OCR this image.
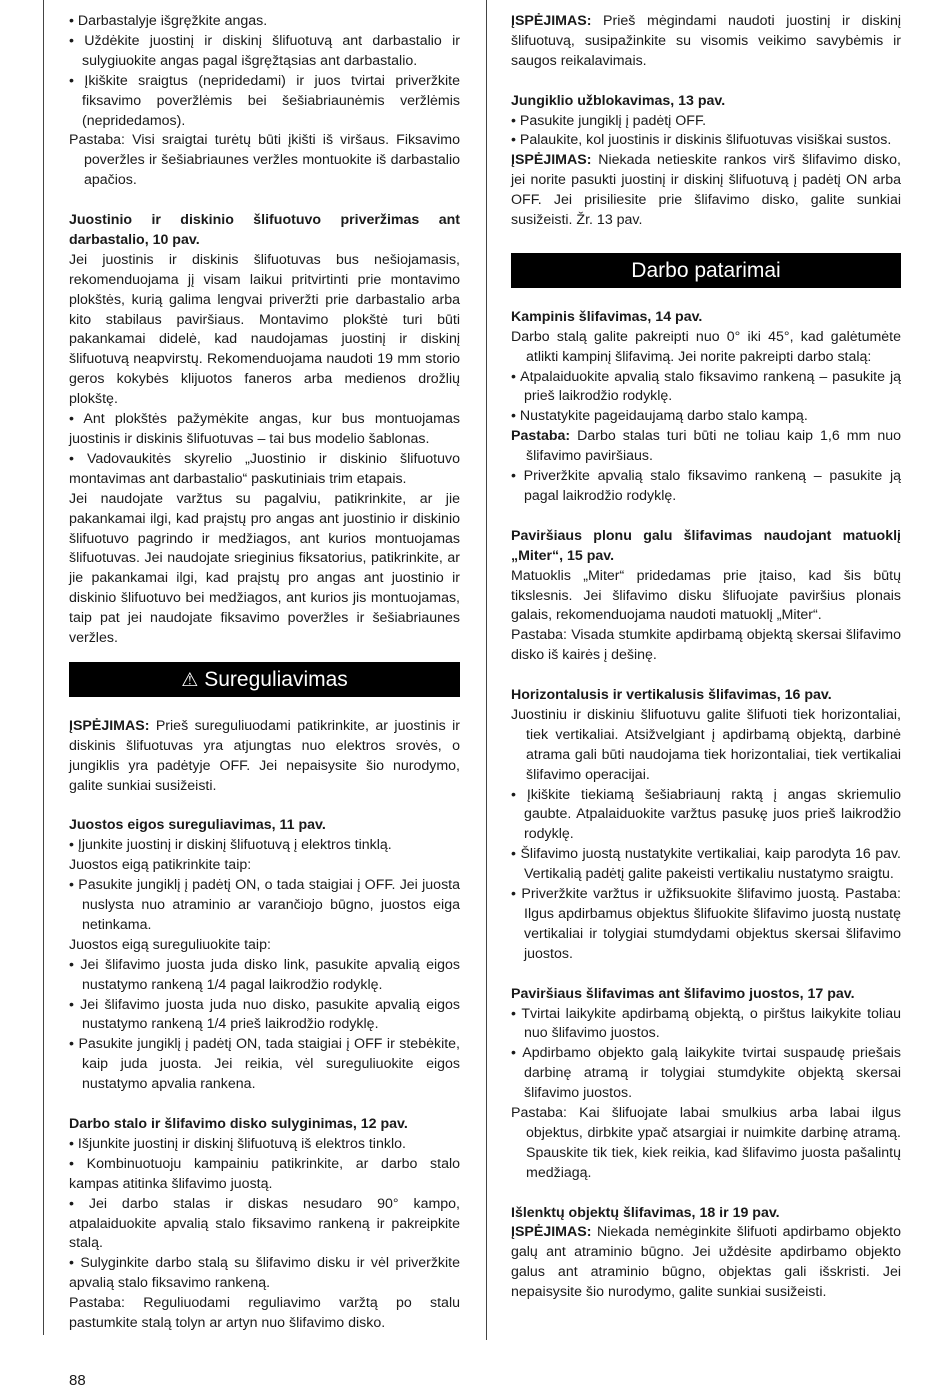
• Darbastalyje išgręžkite angas.

• Uždėkite juostinį ir diskinį šlifuotuvą ant darbastalio ir sulygiuokite angas pagal išgręžtąsias ant darbastalio.

• Įkiškite sraigtus (nepridedami) ir juos tvirtai priveržkite fiksavimo poveržlėmis bei šešiabriaunėmis veržlėmis (nepridedamos).

Pastaba: Visi sraigtai turėtų būti įkišti iš viršaus. Fiksavimo poveržles ir šešiabriaunes veržles montuokite iš darbastalio apačios.

Juostinio ir diskinio šlifuotuvo priveržimas ant darbastalio, 10 pav.

Jei juostinis ir diskinis šlifuotuvas bus nešiojamasis, rekomenduojama jį visam laikui pritvirtinti prie montavimo plokštės, kurią galima lengvai priveržti prie darbastalio arba kito stabilaus paviršiaus. Montavimo plokštė turi būti pakankamai didelė, kad naudojamas juostinį ir diskinį šlifuotuvą neapvirstų. Rekomenduojama naudoti 19 mm storio geros kokybės klijuotos faneros arba medienos drožlių plokštę.

• Ant plokštės pažymėkite angas, kur bus montuojamas juostinis ir diskinis šlifuotuvas – tai bus modelio šablonas.

• Vadovaukitės skyrelio „Juostinio ir diskinio šlifuotuvo montavimas ant darbastalio“ paskutiniais trim etapais.

Jei naudojate varžtus su pagalviu, patikrinkite, ar jie pakankamai ilgi, kad praįstų pro angas ant juostinio ir diskinio šlifuotuvo pagrindo ir medžiagos, ant kurios montuojamas šlifuotuvas. Jei naudojate srieginius fiksatorius, patikrinkite, ar jie pakankamai ilgi, kad praįstų pro angas ant juostinio ir diskinio šlifuotuvo bei medžiagos, ant kurios jis montuojamas, taip pat jei naudojate fiksavimo poveržles ir šešiabriaunes veržles.

⚠ Sureguliavimas

ĮSPĖJIMAS: Prieš sureguliuodami patikrinkite, ar juostinis ir diskinis šlifuotuvas yra atjungtas nuo elektros srovės, o jungiklis yra padėtyje OFF. Jei nepaisysite šio nurodymo, galite sunkiai susižeisti.

Juostos eigos sureguliavimas, 11 pav.

• Įjunkite juostinį ir diskinį šlifuotuvą į elektros tinklą.

Juostos eigą patikrinkite taip:

• Pasukite jungiklį į padėtį ON, o tada staigiai į OFF. Jei juosta nuslysta nuo atraminio ar varančiojo būgno, juostos eiga netinkama.

Juostos eigą sureguliuokite taip:

• Jei šlifavimo juosta juda disko link, pasukite apvalią eigos nustatymo rankeną 1/4 pagal laikrodžio rodyklę.

• Jei šlifavimo juosta juda nuo disko, pasukite apvalią eigos nustatymo rankeną 1/4 prieš laikrodžio rodyklę.

• Pasukite jungiklį į padėtį ON, tada staigiai į OFF ir stebėkite, kaip juda juosta. Jei reikia, vėl sureguliuokite eigos nustatymo apvalia rankena.

Darbo stalo ir šlifavimo disko sulyginimas, 12 pav.

• Išjunkite juostinį ir diskinį šlifuotuvą iš elektros tinklo.

• Kombinuotuoju kampainiu patikrinkite, ar darbo stalo kampas atitinka šlifavimo juostą.

• Jei darbo stalas ir diskas nesudaro 90° kampo, atpalaiduokite apvalią stalo fiksavimo rankeną ir pakreipkite stalą.

• Sulyginkite darbo stalą su šlifavimo disku ir vėl priveržkite apvalią stalo fiksavimo rankeną.

Pastaba: Reguliuodami reguliavimo varžtą po stalu pastumkite stalą tolyn ar artyn nuo šlifavimo disko.

ĮSPĖJIMAS: Prieš mėgindami naudoti juostinį ir diskinį šlifuotuvą, susipažinkite su visomis veikimo savybėmis ir saugos reikalavimais.

Jungiklio užblokavimas, 13 pav.

• Pasukite jungiklį į padėtį OFF.

• Palaukite, kol juostinis ir diskinis šlifuotuvas visiškai sustos.

ĮSPĖJIMAS: Niekada netieskite rankos virš šlifavimo disko, jei norite pasukti juostinį ir diskinį šlifuotuvą į padėtį ON arba OFF. Jei prisiliesite prie šlifavimo disko, galite sunkiai susižeisti. Žr. 13 pav.

Darbo patarimai

Kampinis šlifavimas, 14 pav.

Darbo stalą galite pakreipti nuo 0° iki 45°, kad galėtumėte atlikti kampinį šlifavimą. Jei norite pakreipti darbo stalą:

• Atpalaiduokite apvalią stalo fiksavimo rankeną – pasukite ją prieš laikrodžio rodyklę.

• Nustatykite pageidaujamą darbo stalo kampą.

Pastaba: Darbo stalas turi būti ne toliau kaip 1,6 mm nuo šlifavimo paviršiaus.

• Priveržkite apvalią stalo fiksavimo rankeną – pasukite ją pagal laikrodžio rodyklę.

Paviršiaus plonu galu šlifavimas naudojant matuoklį „Miter“, 15 pav.

Matuoklis „Miter“ pridedamas prie įtaiso, kad šis būtų tikslesnis. Jei šlifavimo disku šlifuojate paviršius plonais galais, rekomenduojama naudoti matuoklį „Miter“.

Pastaba: Visada stumkite apdirbamą objektą skersai šlifavimo disko iš kairės į dešinę.

Horizontalusis ir vertikalusis šlifavimas, 16 pav.

Juostiniu ir diskiniu šlifuotuvu galite šlifuoti tiek horizontaliai, tiek vertikaliai. Atsižvelgiant į apdirbamą objektą, darbinė atrama gali būti naudojama tiek horizontaliai, tiek vertikaliai šlifavimo operacijai.

• Įkiškite tiekiamą šešiabriaunį raktą į angas skriemulio gaubte. Atpalaiduokite varžtus pasukę juos prieš laikrodžio rodyklę.

• Šlifavimo juostą nustatykite vertikaliai, kaip parodyta 16 pav. Vertikalią padėtį galite pakeisti vertikaliu nustatymo sraigtu.

• Priveržkite varžtus ir užfiksuokite šlifavimo juostą. Pastaba: Ilgus apdirbamus objektus šlifuokite šlifavimo juostą nustatę vertikaliai ir tolygiai stumdydami objektus skersai šlifavimo juostos.

Paviršiaus šlifavimas ant šlifavimo juostos, 17 pav.

• Tvirtai laikykite apdirbamą objektą, o pirštus laikykite toliau nuo šlifavimo juostos.

• Apdirbamo objekto galą laikykite tvirtai suspaudę priešais darbinę atramą ir tolygiai stumdykite objektą skersai šlifavimo juostos.

Pastaba: Kai šlifuojate labai smulkius arba labai ilgus objektus, dirbkite ypač atsargiai ir nuimkite darbinę atramą. Spauskite tik tiek, kiek reikia, kad šlifavimo juosta pašalintų medžiagą.

Išlenktų objektų šlifavimas, 18 ir 19 pav.

ĮSPĖJIMAS: Niekada nemėginkite šlifuoti apdirbamo objekto galų ant atraminio būgno. Jei uždėsite apdirbamo objekto galus ant atraminio būgno, objektas gali išskristi. Jei nepaisysite šio nurodymo, galite sunkiai susižeisti.

88
